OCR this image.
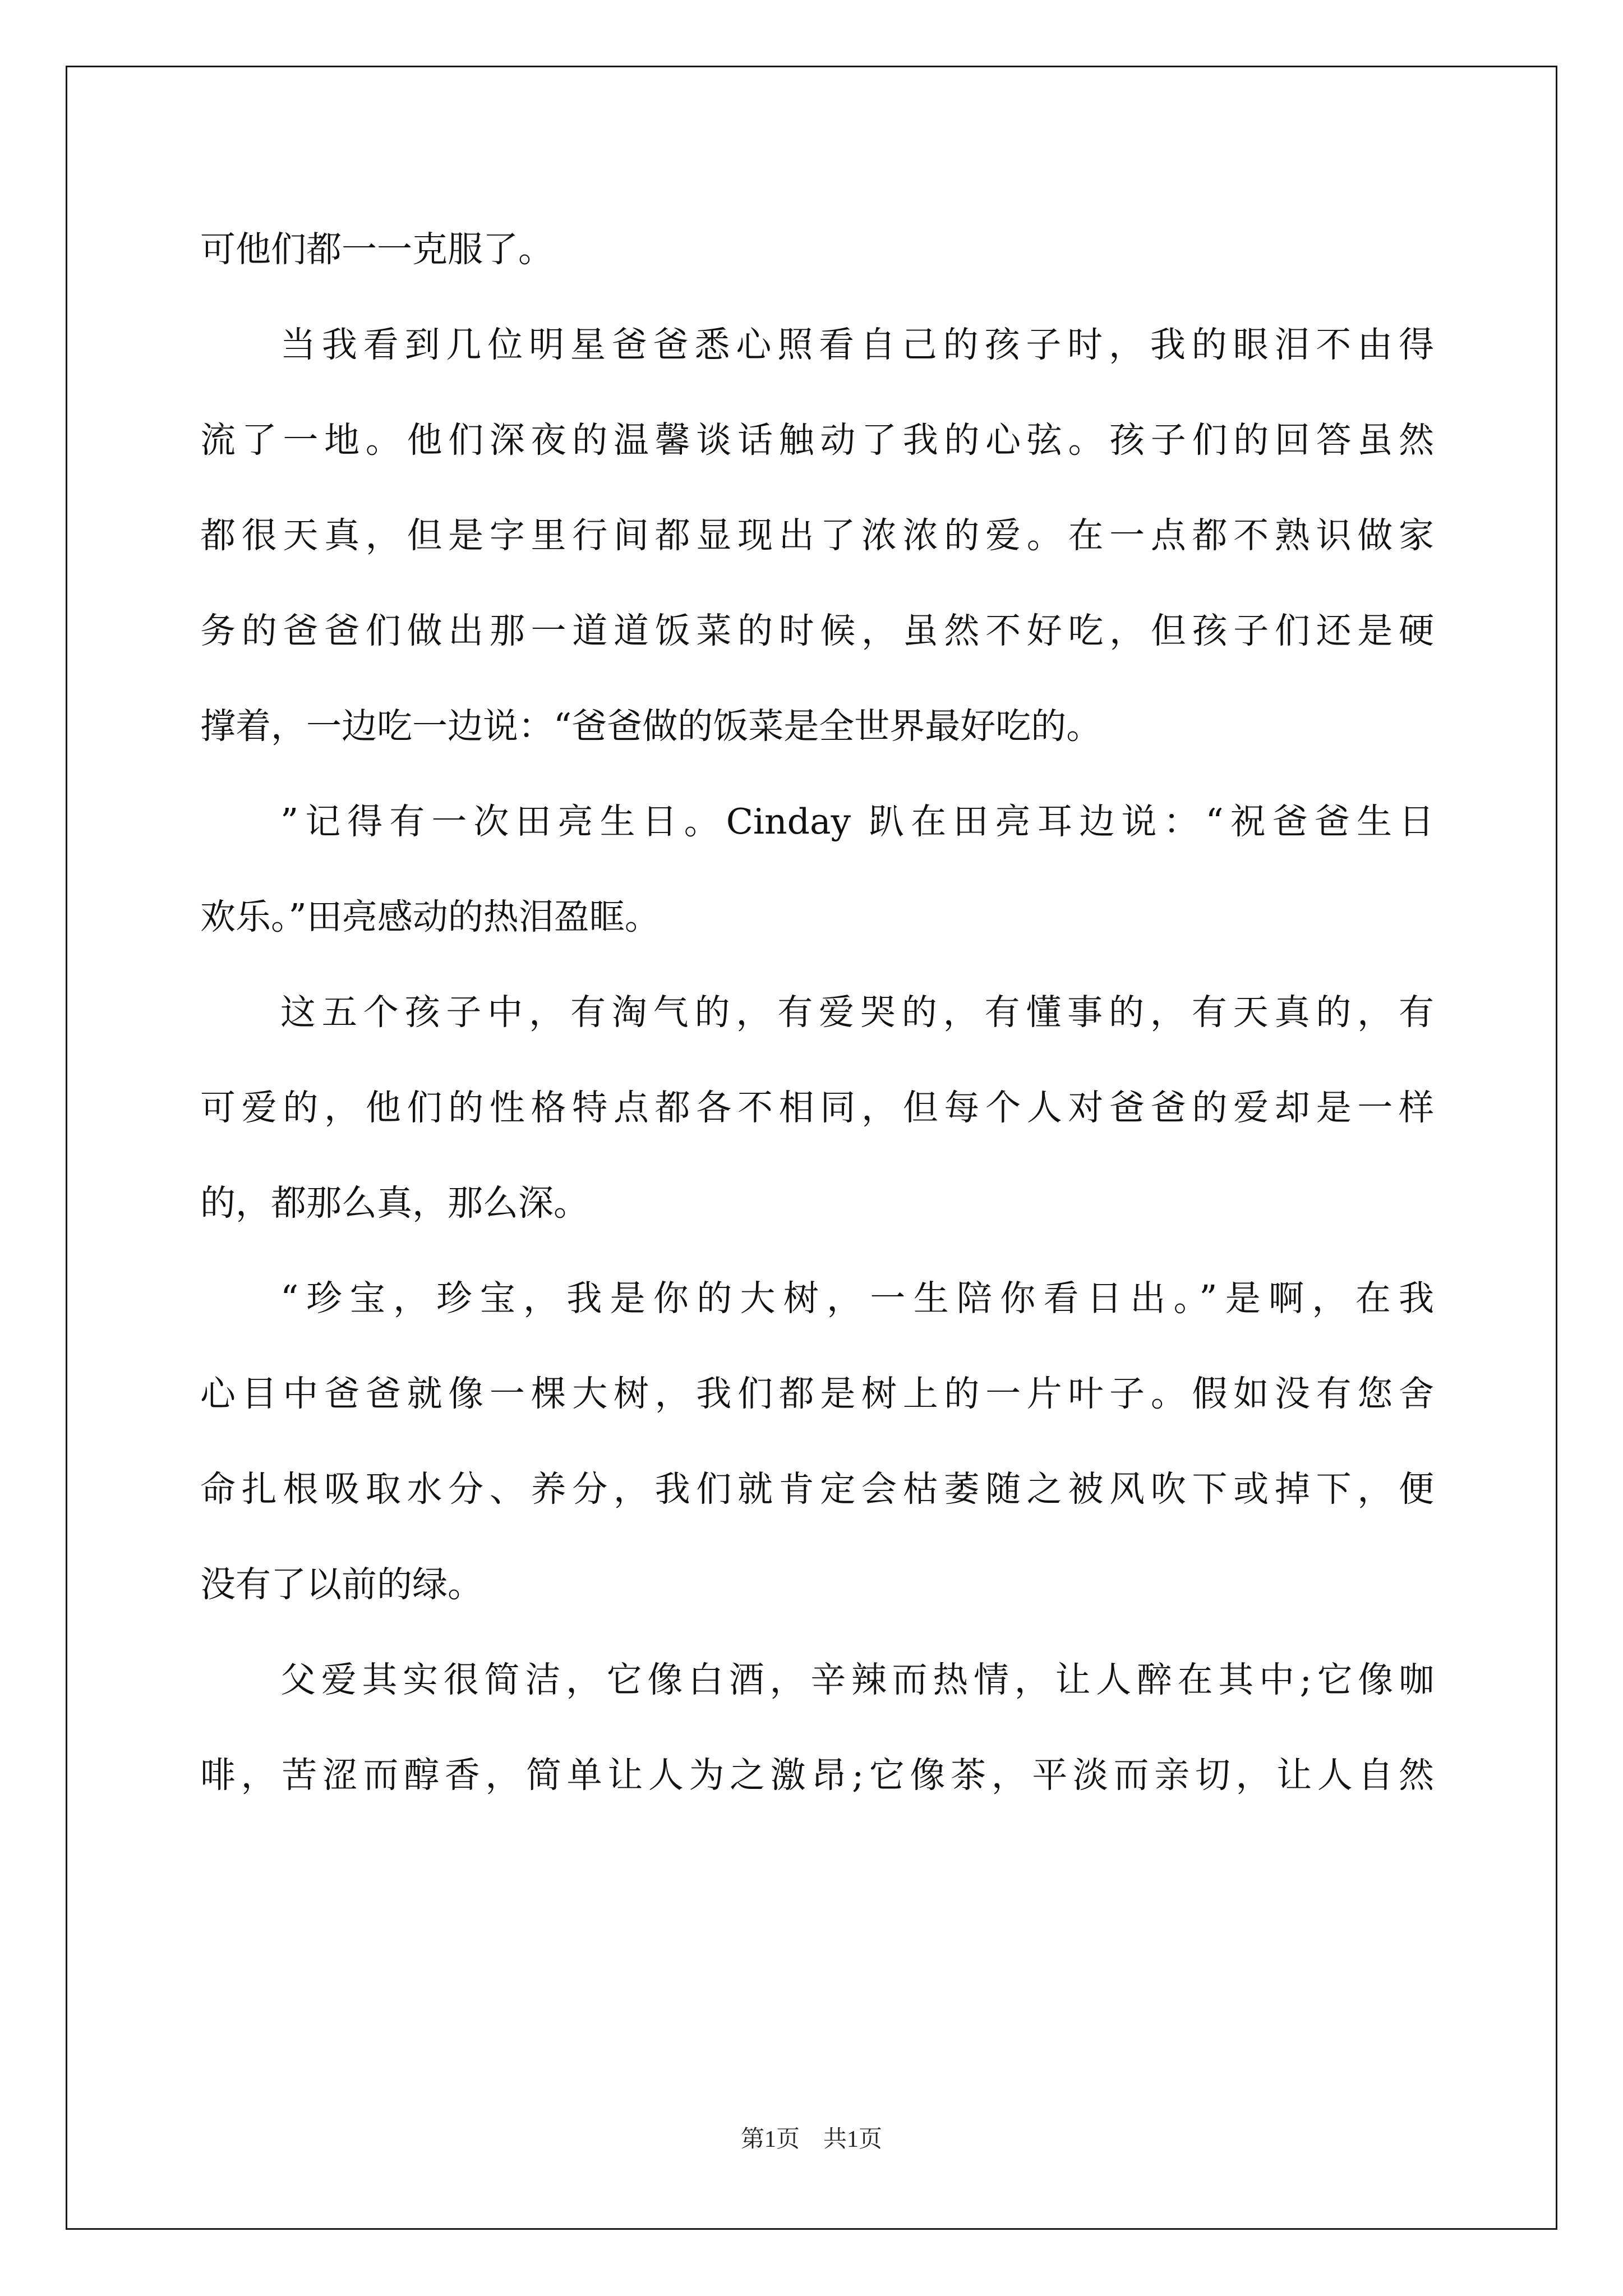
可他们都一一克服了。
当我看到几位明星爸爸悉心照看自己的孩子时，我的眼泪不由得
流了一地。他们深夜的温馨谈话触动了我的心弦。孩子们的回答虽然
都很天真，但是字里行间都显现出了浓浓的爱。在一点都不熟识做家
务的爸爸们做出那一道道饭菜的时候，虽然不好吃，但孩子们还是硬
撑着，一边吃一边说：“爸爸做的饭菜是全世界最好吃的。
”记得有一次田亮生日。Cinday 趴在田亮耳边说：“祝爸爸生日
欢乐。”田亮感动的热泪盈眶。
这五个孩子中，有淘气的，有爱哭的，有懂事的，有天真的，有
可爱的，他们的性格特点都各不相同，但每个人对爸爸的爱却是一样
的，都那么真，那么深。
“珍宝，珍宝，我是你的大树，一生陪你看日出。”是啊，在我
心目中爸爸就像一棵大树，我们都是树上的一片叶子。假如没有您舍
命扎根吸取水分、养分，我们就肯定会枯萎随之被风吹下或掉下，便
没有了以前的绿。
父爱其实很简洁，它像白酒，辛辣而热情，让人醉在其中;它像咖
啡，苦涩而醇香，简单让人为之激昂;它像茶，平淡而亲切，让人自然
第1页　共1页
